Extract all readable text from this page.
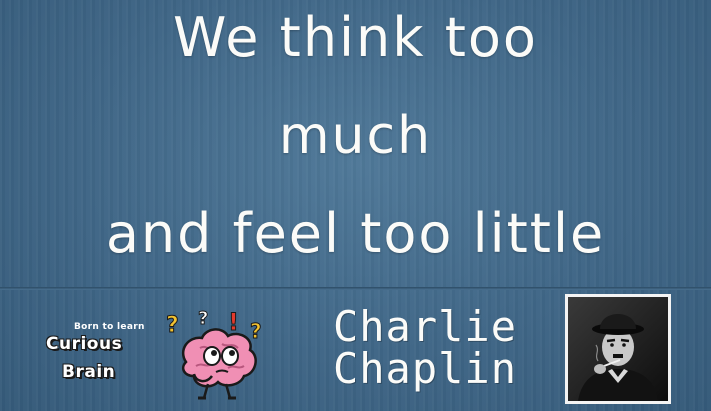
We think too
much
and feel too little
Born to learn
Curious
Brain
? ? ! ?	Charlie
Chaplin
